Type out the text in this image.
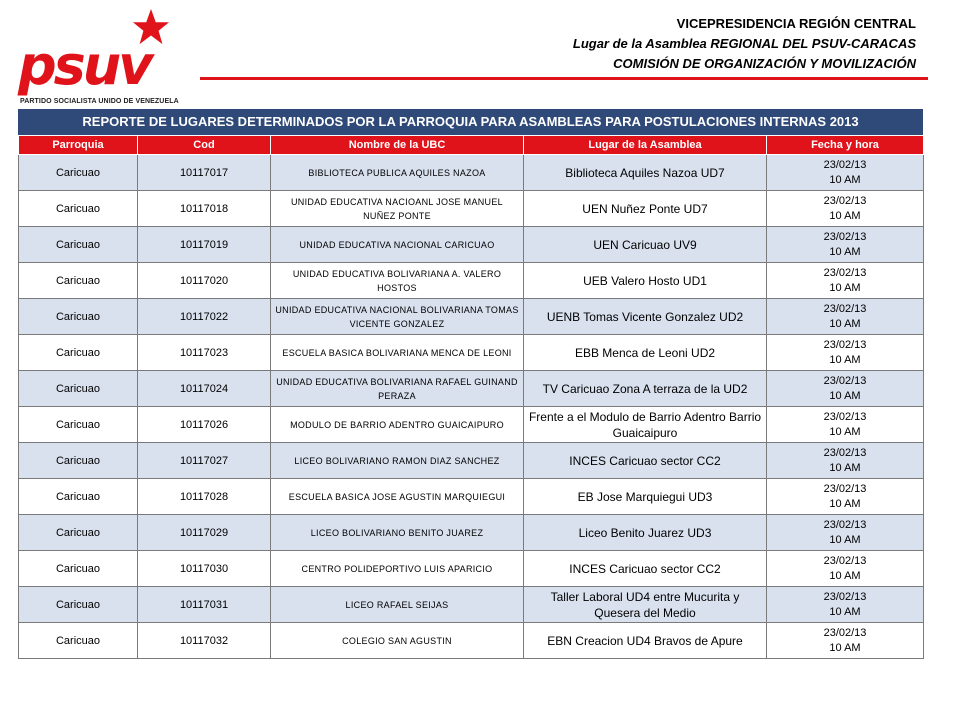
psuv
PARTIDO SOCIALISTA UNIDO DE VENEZUELA
VICEPRESIDENCIA REGIÓN CENTRAL
Lugar de la Asamblea REGIONAL DEL PSUV-CARACAS
COMISIÓN DE ORGANIZACIÓN Y MOVILIZACIÓN
REPORTE DE LUGARES DETERMINADOS POR LA PARROQUIA PARA ASAMBLEAS PARA POSTULACIONES INTERNAS 2013
Parroquia	Cod	Nombre de la UBC	Lugar de la Asamblea	Fecha y hora
Caricuao	10117017	BIBLIOTECA PUBLICA AQUILES NAZOA	Biblioteca Aquiles Nazoa UD7	23/02/13
10 AM

Caricuao	10117018	UNIDAD EDUCATIVA NACIOANL JOSE MANUEL NUÑEZ PONTE	UEN Nuñez Ponte UD7	23/02/13
10 AM

Caricuao	10117019	UNIDAD EDUCATIVA NACIONAL CARICUAO	UEN Caricuao UV9	23/02/13
10 AM

Caricuao	10117020	UNIDAD EDUCATIVA BOLIVARIANA A. VALERO HOSTOS	UEB Valero Hosto UD1	23/02/13
10 AM

Caricuao	10117022	UNIDAD EDUCATIVA NACIONAL BOLIVARIANA TOMAS VICENTE GONZALEZ	UENB Tomas Vicente Gonzalez UD2	23/02/13
10 AM

Caricuao	10117023	ESCUELA BASICA BOLIVARIANA MENCA DE LEONI	EBB Menca de Leoni UD2	23/02/13
10 AM

Caricuao	10117024	UNIDAD EDUCATIVA BOLIVARIANA RAFAEL GUINAND PERAZA	TV Caricuao Zona A terraza de la UD2	23/02/13
10 AM

Caricuao	10117026	MODULO DE BARRIO ADENTRO GUAICAIPURO	Frente a el Modulo de Barrio Adentro Barrio Guaicaipuro	23/02/13
10 AM

Caricuao	10117027	LICEO BOLIVARIANO RAMON DIAZ SANCHEZ	INCES Caricuao sector CC2	23/02/13
10 AM

Caricuao	10117028	ESCUELA BASICA JOSE AGUSTIN MARQUIEGUI	EB Jose Marquiegui UD3	23/02/13
10 AM

Caricuao	10117029	LICEO BOLIVARIANO BENITO JUAREZ	Liceo Benito Juarez UD3	23/02/13
10 AM

Caricuao	10117030	CENTRO POLIDEPORTIVO LUIS APARICIO	INCES Caricuao sector CC2	23/02/13
10 AM

Caricuao	10117031	LICEO RAFAEL SEIJAS	Taller Laboral UD4 entre Mucurita y Quesera del Medio	23/02/13
10 AM

Caricuao	10117032	COLEGIO SAN AGUSTIN	EBN Creacion UD4 Bravos de Apure	23/02/13
10 AM
